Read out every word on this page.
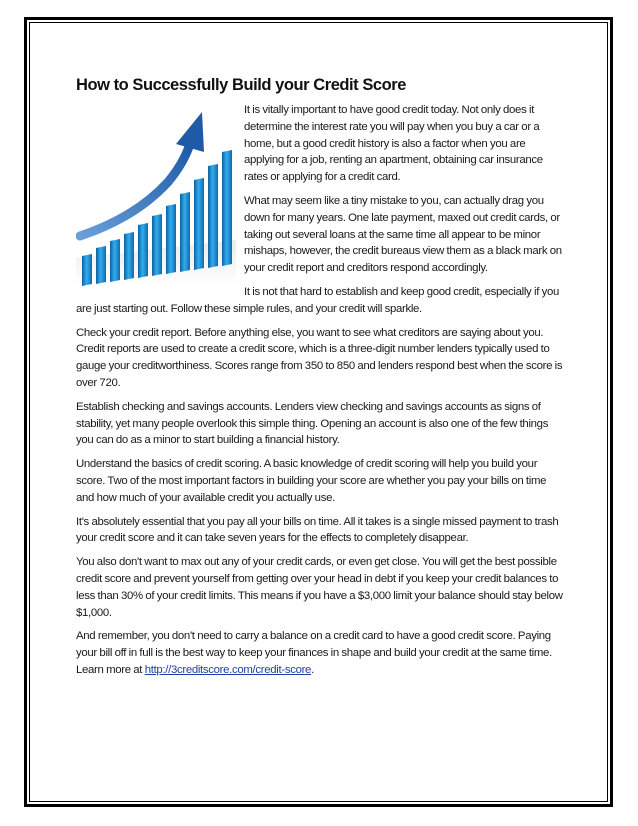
How to Successfully Build your Credit Score

It is vitally important to have good credit today. Not only does it determine the interest rate you will pay when you buy a car or a home, but a good credit history is also a factor when you are applying for a job, renting an apartment, obtaining car insurance rates or applying for a credit card.

What may seem like a tiny mistake to you, can actually drag you down for many years. One late payment, maxed out credit cards, or taking out several loans at the same time all appear to be minor mishaps, however, the credit bureaus view them as a black mark on your credit report and creditors respond accordingly.

It is not that hard to establish and keep good credit, especially if you are just starting out. Follow these simple rules, and your credit will sparkle.

Check your credit report. Before anything else, you want to see what creditors are saying about you. Credit reports are used to create a credit score, which is a three-digit number lenders typically used to gauge your creditworthiness. Scores range from 350 to 850 and lenders respond best when the score is over 720.

Establish checking and savings accounts. Lenders view checking and savings accounts as signs of stability, yet many people overlook this simple thing. Opening an account is also one of the few things you can do as a minor to start building a financial history.

Understand the basics of credit scoring. A basic knowledge of credit scoring will help you build your score. Two of the most important factors in building your score are whether you pay your bills on time and how much of your available credit you actually use.

It's absolutely essential that you pay all your bills on time. All it takes is a single missed payment to trash your credit score and it can take seven years for the effects to completely disappear.

You also don't want to max out any of your credit cards, or even get close. You will get the best possible credit score and prevent yourself from getting over your head in debt if you keep your credit balances to less than 30% of your credit limits. This means if you have a $3,000 limit your balance should stay below $1,000.

And remember, you don't need to carry a balance on a credit card to have a good credit score. Paying your bill off in full is the best way to keep your finances in shape and build your credit at the same time. Learn more at http://3creditscore.com/credit-score.
